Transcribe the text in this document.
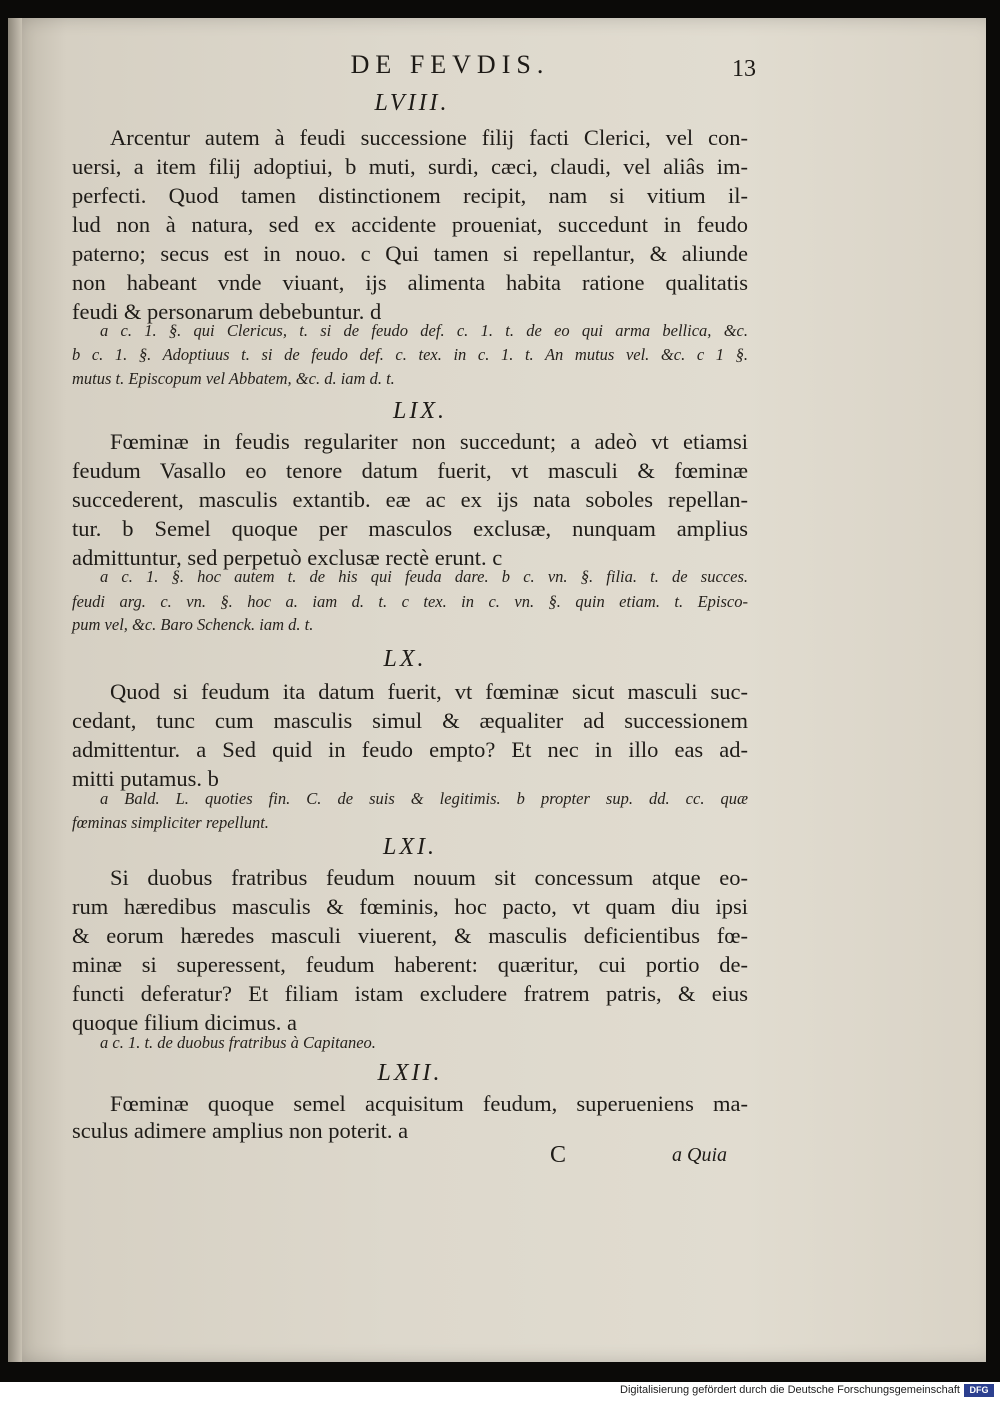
DE FEVDIS.	13
LVIII.
Arcentur autem à feudi successione filij facti Clerici, vel con-
uersi, a item filij adoptiui, b muti, surdi, cæci, claudi, vel aliâs im-
perfecti. Quod tamen distinctionem recipit, nam si vitium il-
lud non à natura, sed ex accidente proueniat, succedunt in feudo
paterno; secus est in nouo. c Qui tamen si repellantur, & aliunde
non habeant vnde viuant, ijs alimenta habita ratione qualitatis
feudi & personarum debebuntur. d
a c. 1. §. qui Clericus, t. si de feudo def. c. 1. t. de eo qui arma bellica, &c.
b c. 1. §. Adoptiuus t. si de feudo def. c. tex. in c. 1. t. An mutus vel. &c. c 1 §.
mutus t. Episcopum vel Abbatem, &c. d. iam d. t.
LIX.
Fœminæ in feudis regulariter non succedunt; a adeò vt etiamsi
feudum Vasallo eo tenore datum fuerit, vt masculi & fœminæ
succederent, masculis extantib. eæ ac ex ijs nata soboles repellan-
tur. b Semel quoque per masculos exclusæ, nunquam amplius
admittuntur, sed perpetuò exclusæ rectè erunt. c
a c. 1. §. hoc autem t. de his qui feuda dare. b c. vn. §. filia. t. de succes.
feudi arg. c. vn. §. hoc a. iam d. t. c tex. in c. vn. §. quin etiam. t. Episco-
pum vel, &c. Baro Schenck. iam d. t.
LX.
Quod si feudum ita datum fuerit, vt fœminæ sicut masculi suc-
cedant, tunc cum masculis simul & æqualiter ad successionem
admittentur. a Sed quid in feudo empto? Et nec in illo eas ad-
mitti putamus. b
a Bald. L. quoties fin. C. de suis & legitimis. b propter sup. dd. cc. quæ
fœminas simpliciter repellunt.
LXI.
Si duobus fratribus feudum nouum sit concessum atque eo-
rum hæredibus masculis & fœminis, hoc pacto, vt quam diu ipsi
& eorum hæredes masculi viuerent, & masculis deficientibus fœ-
minæ si superessent, feudum haberent: quæritur, cui portio de-
functi deferatur? Et filiam istam excludere fratrem patris, & eius
quoque filium dicimus. a
a c. 1. t. de duobus fratribus à Capitaneo.
LXII.
Fœminæ quoque semel acquisitum feudum, superueniens ma-
sculus adimere amplius non poterit. a
C	a Quia
Digitalisierung gefördert durch die Deutsche Forschungsgemeinschaft	DFG
